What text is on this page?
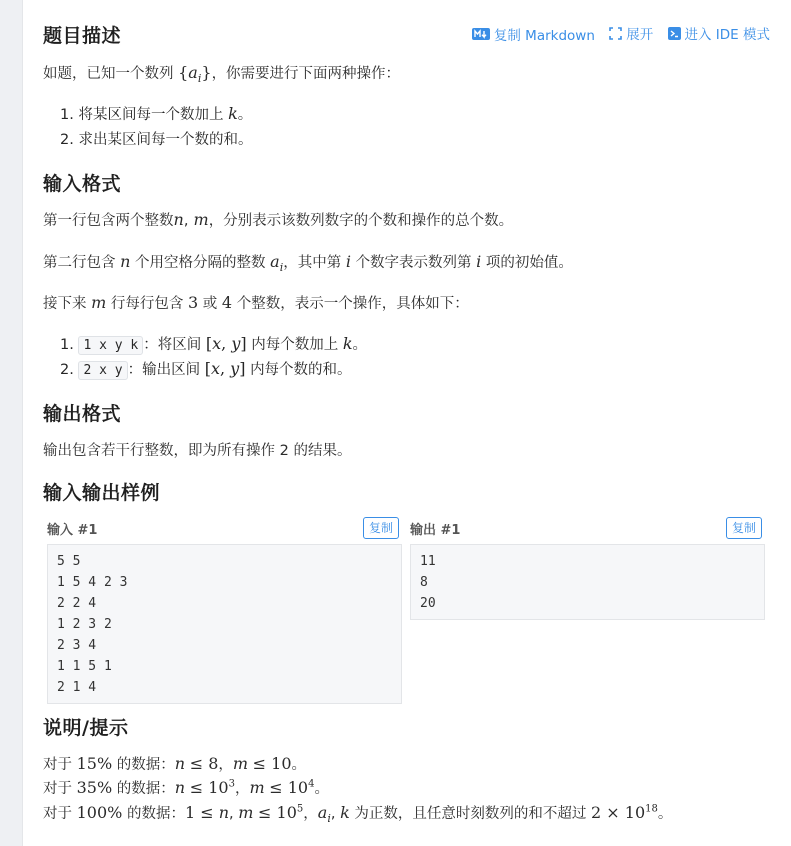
题目描述	复制 Markdown
展开
进入 IDE 模式
如题，已知一个数列 $\{a_i\}$，你需要进行下面两种操作：
1. 将某区间每一个数加上 k。
2. 求出某区间每一个数的和。
输入格式
第一行包含两个整数n, m，分别表示该数列数字的个数和操作的总个数。
第二行包含 n 个用空格分隔的整数 $a_i$，其中第 i 个数字表示数列第 i 项的初始值。
接下来 m 行每行包含 3 或 4 个整数，表示一个操作，具体如下：
1. 1 x y k ：将区间 [x, y] 内每个数加上 k。
2. 2 x y ：输出区间 [x, y] 内每个数的和。
输出格式
输出包含若干行整数，即为所有操作 2 的结果。
输入输出样例
输入 #1	复制	输出 #1	复制
5 5
1 5 4 2 3
2 2 4
1 2 3 2
2 3 4
1 1 5 1
2 1 4
11
8
20
说明/提示
对于 15% 的数据：n ≤ 8，m ≤ 10。
对于 35% 的数据：$n \le 10^3$，$m \le 10^4$。
对于 100% 的数据：1 ≤ n, $m \le 10^5$，$a_i$, k 为正数，且任意时刻数列的和不超过 $2 \times 10^{18}$。
